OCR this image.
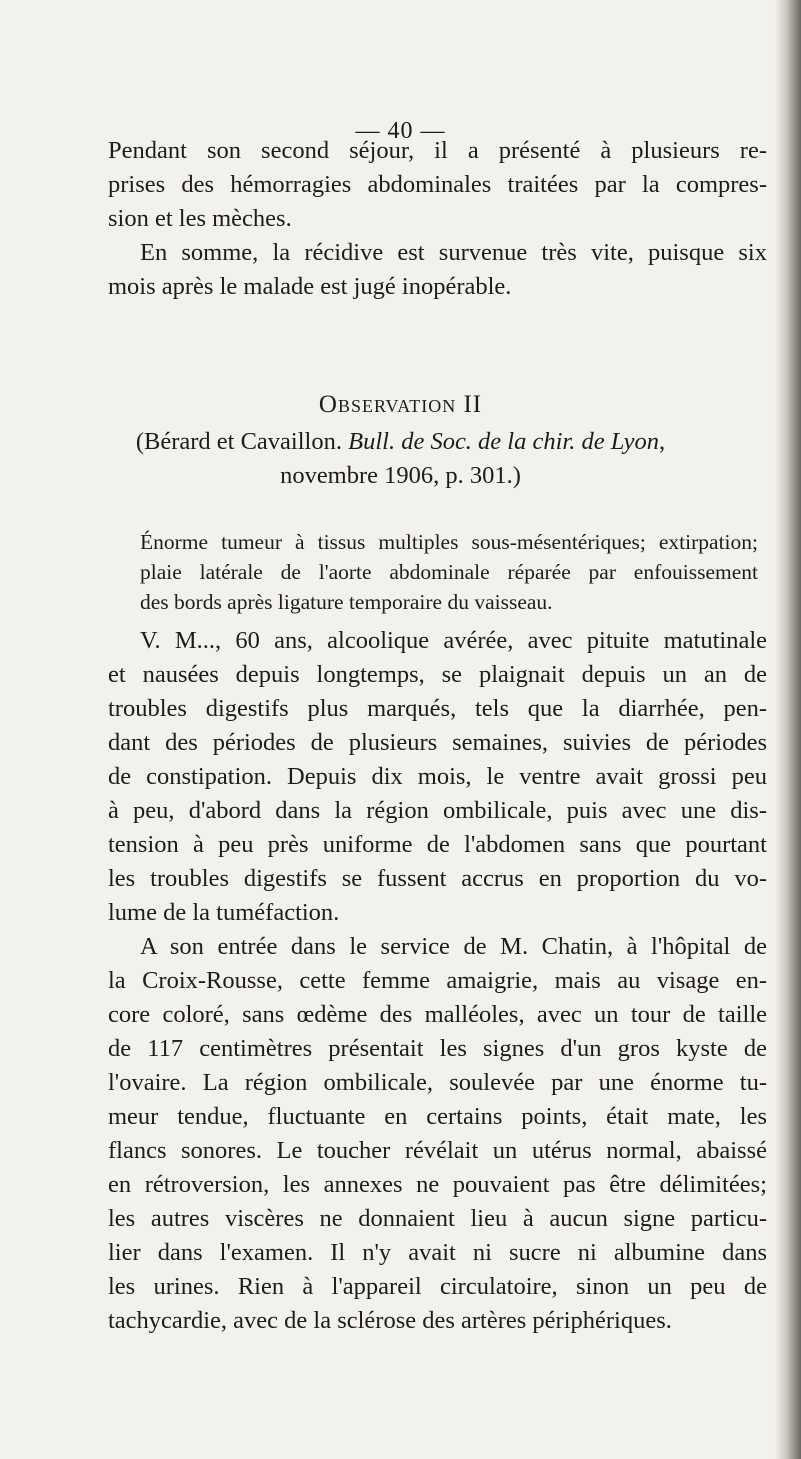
— 40 —
Pendant son second séjour, il a présenté à plusieurs re-
prises des hémorragies abdominales traitées par la compres-
sion et les mèches.
En somme, la récidive est survenue très vite, puisque six
mois après le malade est jugé inopérable.
Observation II
(Bérard et Cavaillon. Bull. de Soc. de la chir. de Lyon,
novembre 1906, p. 301.)
Énorme tumeur à tissus multiples sous-mésentériques; extirpation;
plaie latérale de l'aorte abdominale réparée par enfouissement
des bords après ligature temporaire du vaisseau.
V. M..., 60 ans, alcoolique avérée, avec pituite matutinale
et nausées depuis longtemps, se plaignait depuis un an de
troubles digestifs plus marqués, tels que la diarrhée, pen-
dant des périodes de plusieurs semaines, suivies de périodes
de constipation. Depuis dix mois, le ventre avait grossi peu
à peu, d'abord dans la région ombilicale, puis avec une dis-
tension à peu près uniforme de l'abdomen sans que pourtant
les troubles digestifs se fussent accrus en proportion du vo-
lume de la tuméfaction.
A son entrée dans le service de M. Chatin, à l'hôpital de
la Croix-Rousse, cette femme amaigrie, mais au visage en-
core coloré, sans œdème des malléoles, avec un tour de taille
de 117 centimètres présentait les signes d'un gros kyste de
l'ovaire. La région ombilicale, soulevée par une énorme tu-
meur tendue, fluctuante en certains points, était mate, les
flancs sonores. Le toucher révélait un utérus normal, abaissé
en rétroversion, les annexes ne pouvaient pas être délimitées;
les autres viscères ne donnaient lieu à aucun signe particu-
lier dans l'examen. Il n'y avait ni sucre ni albumine dans
les urines. Rien à l'appareil circulatoire, sinon un peu de
tachycardie, avec de la sclérose des artères périphériques.
